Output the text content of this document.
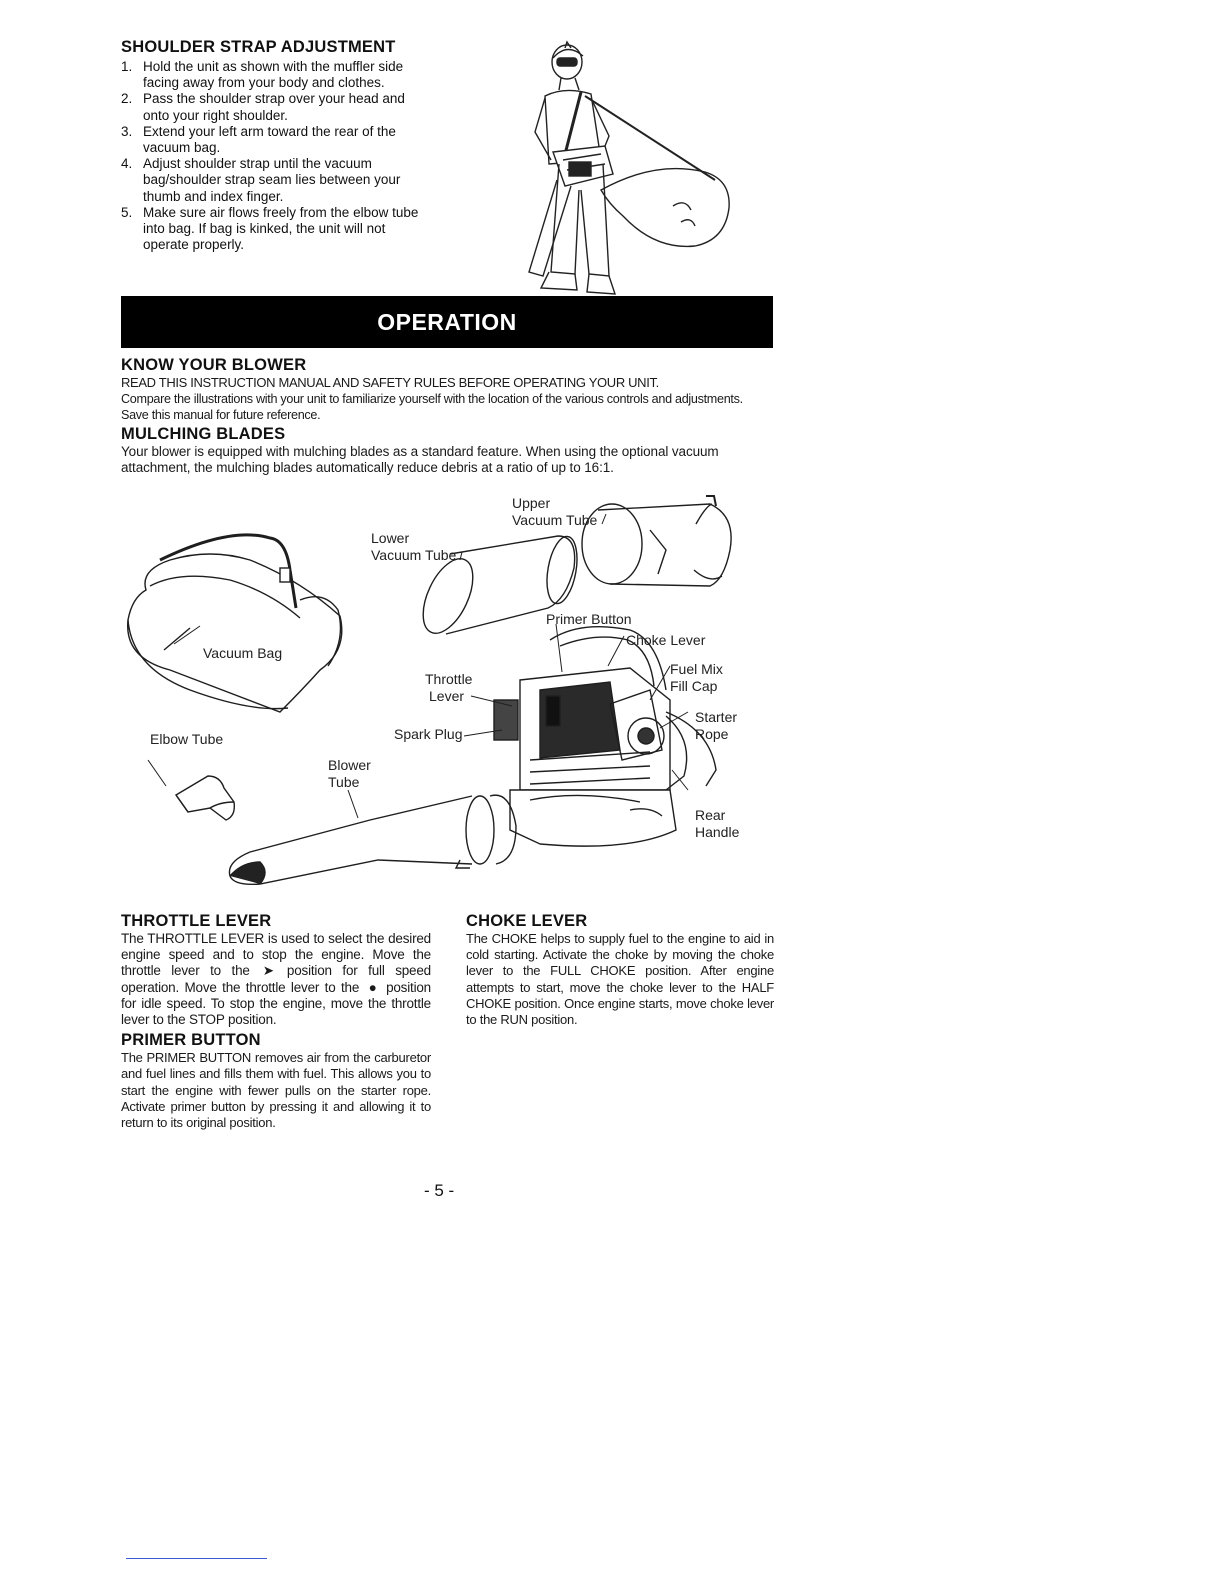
SHOULDER STRAP ADJUSTMENT
1. Hold the unit as shown with the muffler side facing away from your body and clothes.
2. Pass the shoulder strap over your head and onto your right shoulder.
3. Extend your left arm toward the rear of the vacuum bag.
4. Adjust shoulder strap until the vacuum bag/shoulder strap seam lies between your thumb and index finger.
5. Make sure air flows freely from the elbow tube into bag. If bag is kinked, the unit will not operate properly.
OPERATION
KNOW YOUR BLOWER
READ THIS INSTRUCTION MANUAL AND SAFETY RULES BEFORE OPERATING YOUR UNIT.
Compare the illustrations with your unit to familiarize yourself with the location of the various controls and adjustments. Save this manual for future reference.
MULCHING BLADES
Your blower is equipped with mulching blades as a standard feature. When using the optional vacuum attachment, the mulching blades automatically reduce debris at a ratio of up to 16:1.
Upper
Vacuum Tube
Lower
Vacuum Tube
Primer Button
Choke Lever
Fuel Mix
Fill Cap
Vacuum Bag
Throttle
Lever
Starter
Rope
Spark Plug
Elbow Tube
Blower
Tube
Rear
Handle
THROTTLE LEVER
The THROTTLE LEVER is used to select the desired engine speed and to stop the engine. Move the throttle lever to the ➤ position for full speed operation. Move the throttle lever to the ● position for idle speed. To stop the engine, move the throttle lever to the STOP position.
PRIMER BUTTON
The PRIMER BUTTON removes air from the carburetor and fuel lines and fills them with fuel. This allows you to start the engine with fewer pulls on the starter rope. Activate primer button by pressing it and allowing it to return to its original position.
CHOKE LEVER
The CHOKE helps to supply fuel to the engine to aid in cold starting. Activate the choke by moving the choke lever to the FULL CHOKE position. After engine attempts to start, move the choke lever to the HALF CHOKE position. Once engine starts, move choke lever to the RUN position.
- 5 -
